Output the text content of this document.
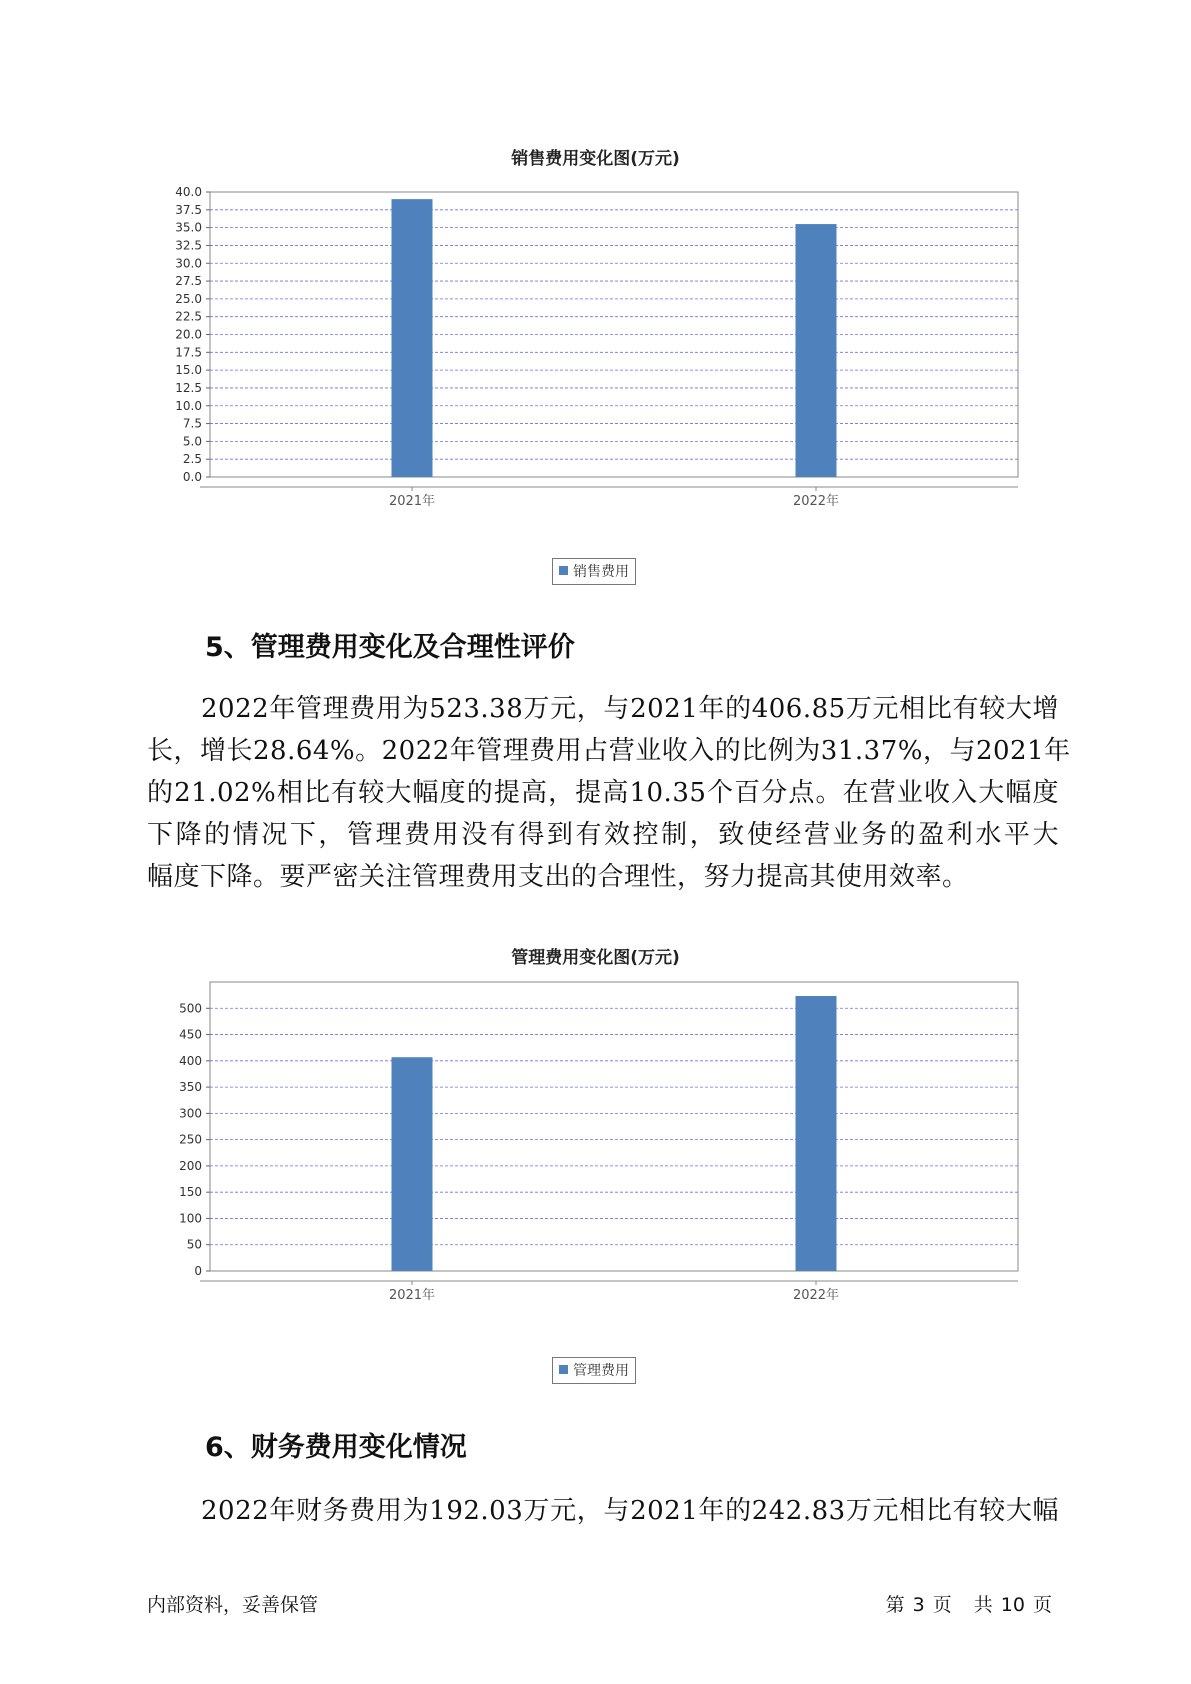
销售费用变化图(万元)
0.0
2.5
5.0
7.5
10.0
12.5
15.0
17.5
20.0
22.5
25.0
27.5
30.0
32.5
35.0
37.5
40.0
2021年	2022年
销售费用
5、管理费用变化及合理性评价
2022年管理费用为523.38万元，与2021年的406.85万元相比有较大增
长，增长28.64%。2022年管理费用占营业收入的比例为31.37%，与2021年
的21.02%相比有较大幅度的提高，提高10.35个百分点。在营业收入大幅度
下降的情况下，管理费用没有得到有效控制，致使经营业务的盈利水平大
幅度下降。要严密关注管理费用支出的合理性，努力提高其使用效率。
管理费用变化图(万元)
0
50
100
150
200
250
300
350
400
450
500
2021年	2022年
管理费用
6、财务费用变化情况
2022年财务费用为192.03万元，与2021年的242.83万元相比有较大幅
内部资料，妥善保管	第 3 页 共 10 页
